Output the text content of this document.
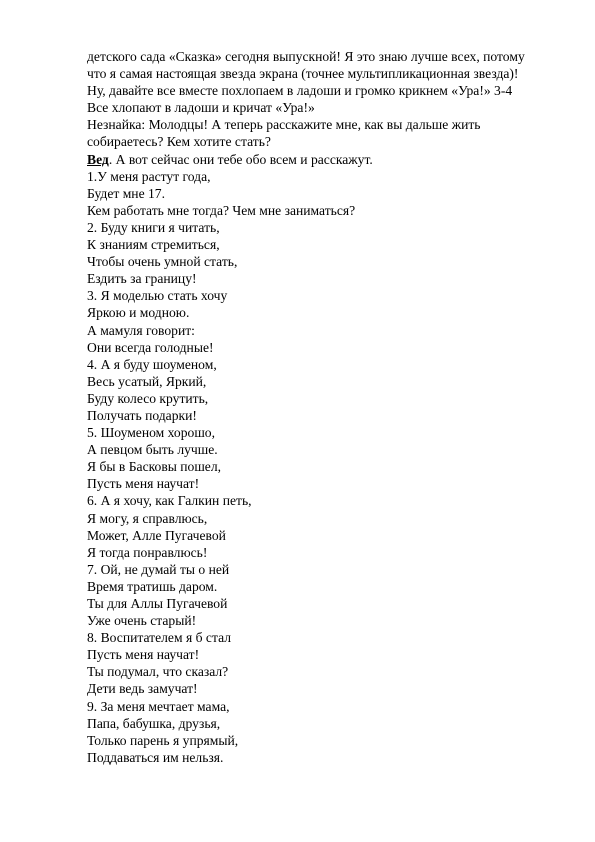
детского сада «Сказка» сегодня выпускной! Я это знаю лучше всех, потому
что я самая настоящая звезда экрана (точнее мультипликационная звезда)!
Ну, давайте все вместе похлопаем в ладоши и громко крикнем «Ура!» 3-4
Все хлопают в ладоши и кричат «Ура!»
Незнайка: Молодцы! А теперь расскажите мне, как вы дальше жить
собираетесь? Кем хотите стать?
Вед. А вот сейчас они тебе обо всем и расскажут.
1.У меня растут года,
Будет мне 17.
Кем работать мне тогда? Чем мне заниматься?
2. Буду книги я читать,
К знаниям стремиться,
Чтобы очень умной стать,
Ездить за границу!
3. Я моделью стать хочу
Яркою и модною.
А мамуля говорит:
Они всегда голодные!
4. А я буду шоуменом,
Весь усатый, Яркий,
Буду колесо крутить,
Получать подарки!
5. Шоуменом хорошо,
А певцом быть лучше.
Я бы в Басковы пошел,
Пусть меня научат!
6. А я хочу, как Галкин петь,
Я могу, я справлюсь,
Может, Алле Пугачевой
Я тогда понравлюсь!
7. Ой, не думай ты о ней
Время тратишь даром.
Ты для Аллы Пугачевой
Уже очень старый!
8. Воспитателем я б стал
Пусть меня научат!
Ты подумал, что сказал?
Дети ведь замучат!
9. За меня мечтает мама,
Папа, бабушка, друзья,
Только парень я упрямый,
Поддаваться им нельзя.
